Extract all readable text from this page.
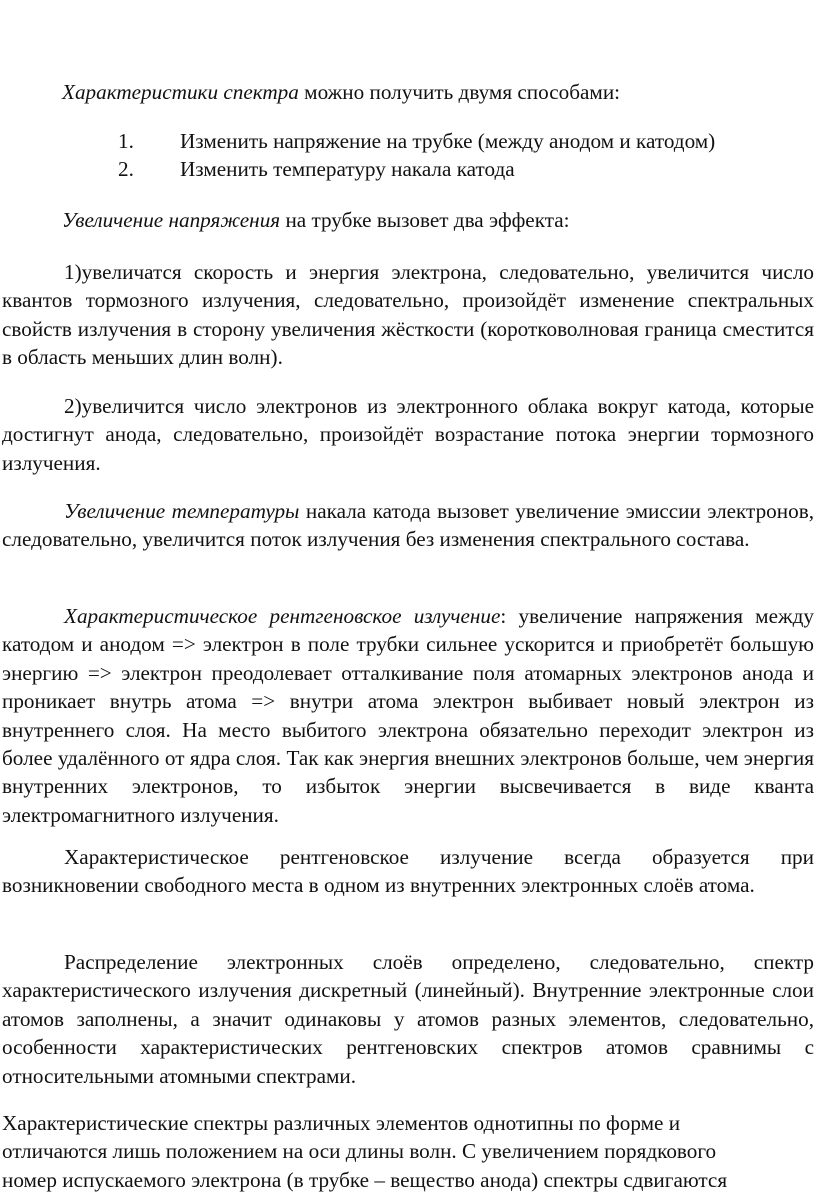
Характеристики спектра можно получить двумя способами:

1. Изменить напряжение на трубке (между анодом и катодом)
2. Изменить температуру накала катода

Увеличение напряжения на трубке вызовет два эффекта:

1)увеличатся скорость и энергия электрона, следовательно, увеличится число квантов тормозного излучения, следовательно, произойдёт изменение спектральных свойств излучения в сторону увеличения жёсткости (коротковолновая граница сместится в область меньших длин волн).

2)увеличится число электронов из электронного облака вокруг катода, которые достигнут анода, следовательно, произойдёт возрастание потока энергии тормозного излучения.

Увеличение температуры накала катода вызовет увеличение эмиссии электронов, следовательно, увеличится поток излучения без изменения спектрального состава.

Характеристическое рентгеновское излучение: увеличение напряжения между катодом и анодом => электрон в поле трубки сильнее ускорится и приобретёт большую энергию => электрон преодолевает отталкивание поля атомарных электронов анода и проникает внутрь атома => внутри атома электрон выбивает новый электрон из внутреннего слоя. На место выбитого электрона обязательно переходит электрон из более удалённого от ядра слоя. Так как энергия внешних электронов больше, чем энергия внутренних электронов, то избыток энергии высвечивается в виде кванта электромагнитного излучения.

Характеристическое рентгеновское излучение всегда образуется при возникновении свободного места в одном из внутренних электронных слоёв атома.

Распределение электронных слоёв определено, следовательно, спектр характеристического излучения дискретный (линейный). Внутренние электронные слои атомов заполнены, а значит одинаковы у атомов разных элементов, следовательно, особенности характеристических рентгеновских спектров атомов сравнимы с относительными атомными спектрами.

Характеристические спектры различных элементов однотипны по форме и
отличаются лишь положением на оси длины волн. С увеличением порядкового
номер испускаемого электрона (в трубке – вещество анода) спектры сдвигаются
